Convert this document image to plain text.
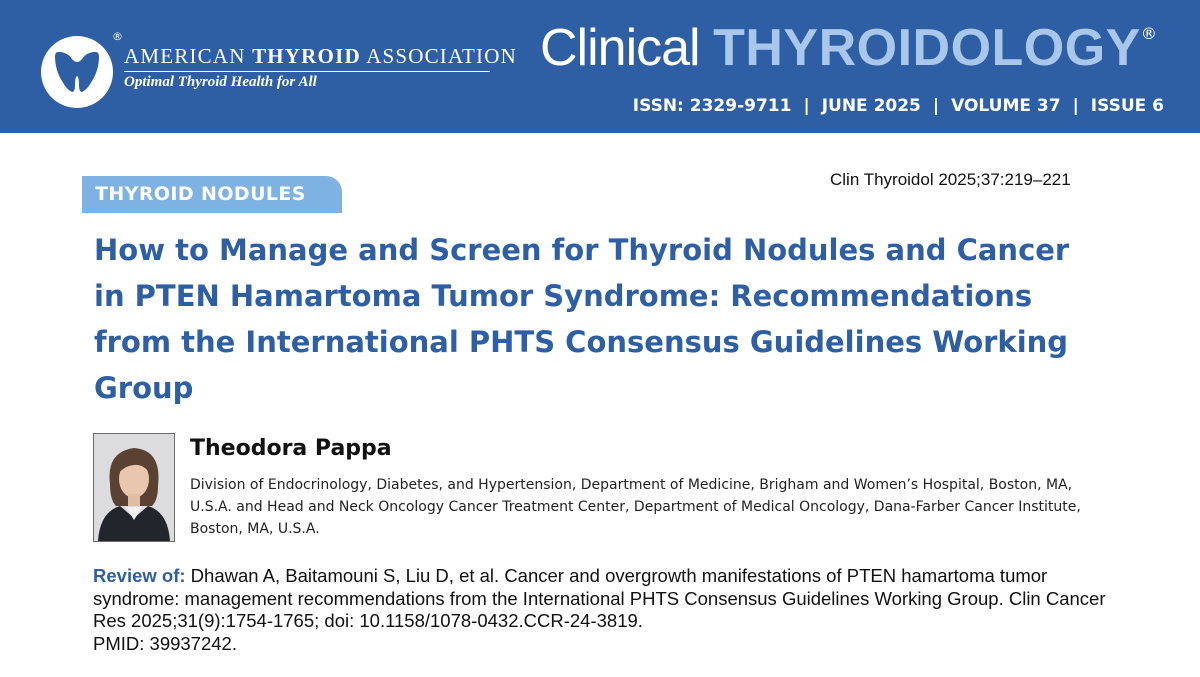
®
AMERICAN THYROID ASSOCIATION
Optimal Thyroid Health for All
Clinical THYROIDOLOGY®
ISSN: 2329-9711 | JUNE 2025 | VOLUME 37 | ISSUE 6
THYROID NODULES
Clin Thyroidol 2025;37:219–221
How to Manage and Screen for Thyroid Nodules and Cancer in PTEN Hamartoma Tumor Syndrome: Recommendations from the International PHTS Consensus Guidelines Working Group
Theodora Pappa

Division of Endocrinology, Diabetes, and Hypertension, Department of Medicine, Brigham and Women’s Hospital, Boston, MA, U.S.A. and Head and Neck Oncology Cancer Treatment Center, Department of Medical Oncology, Dana-Farber Cancer Institute, Boston, MA, U.S.A.

Review of: Dhawan A, Baitamouni S, Liu D, et al. Cancer and overgrowth manifestations of PTEN hamartoma tumor syndrome: management recommendations from the International PHTS Consensus Guidelines Working Group. Clin Cancer Res 2025;31(9):1754-1765; doi: 10.1158/1078-0432.CCR-24-3819.
PMID: 39937242.
